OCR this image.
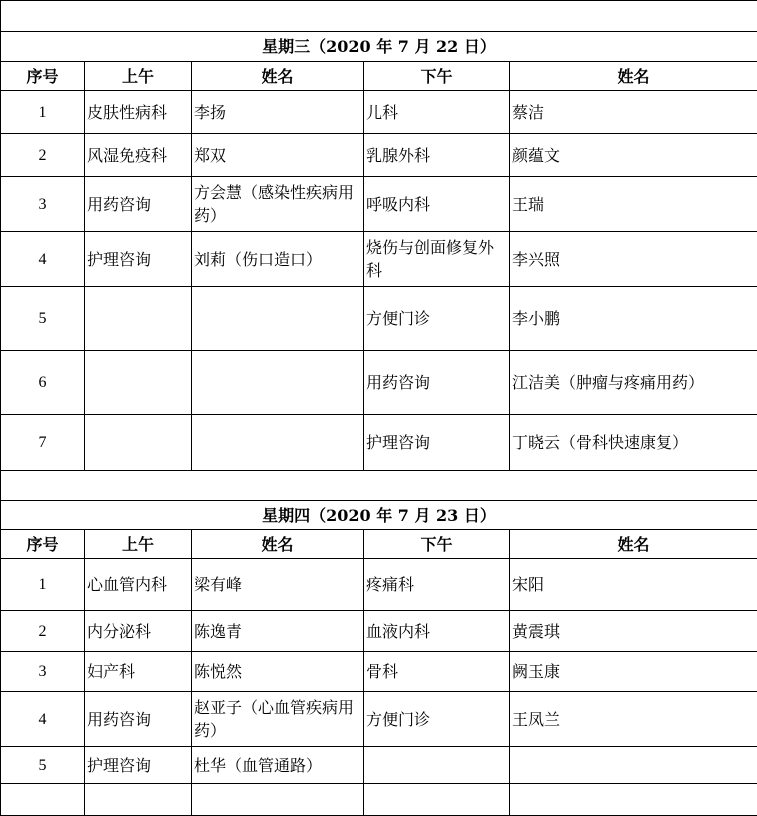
星期三（2020 年 7 月 22 日）				
序号	上午	姓名	下午	姓名
1	皮肤性病科	李扬	儿科	蔡洁
2	风湿免疫科	郑双	乳腺外科	颜蕴文
3	用药咨询	方会慧（感染性疾病用药）	呼吸内科	王瑞
4	护理咨询	刘莉（伤口造口）	烧伤与创面修复外科	李兴照
5			方便门诊	李小鹏
6			用药咨询	江洁美（肿瘤与疼痛用药）
7			护理咨询	丁晓云（骨科快速康复）

星期四（2020 年 7 月 23 日）				
序号	上午	姓名	下午	姓名
1	心血管内科	梁有峰	疼痛科	宋阳
2	内分泌科	陈逸青	血液内科	黄震琪
3	妇产科	陈悦然	骨科	阙玉康
4	用药咨询	赵亚子（心血管疾病用药）	方便门诊	王凤兰
5	护理咨询	杜华（血管通路）		
